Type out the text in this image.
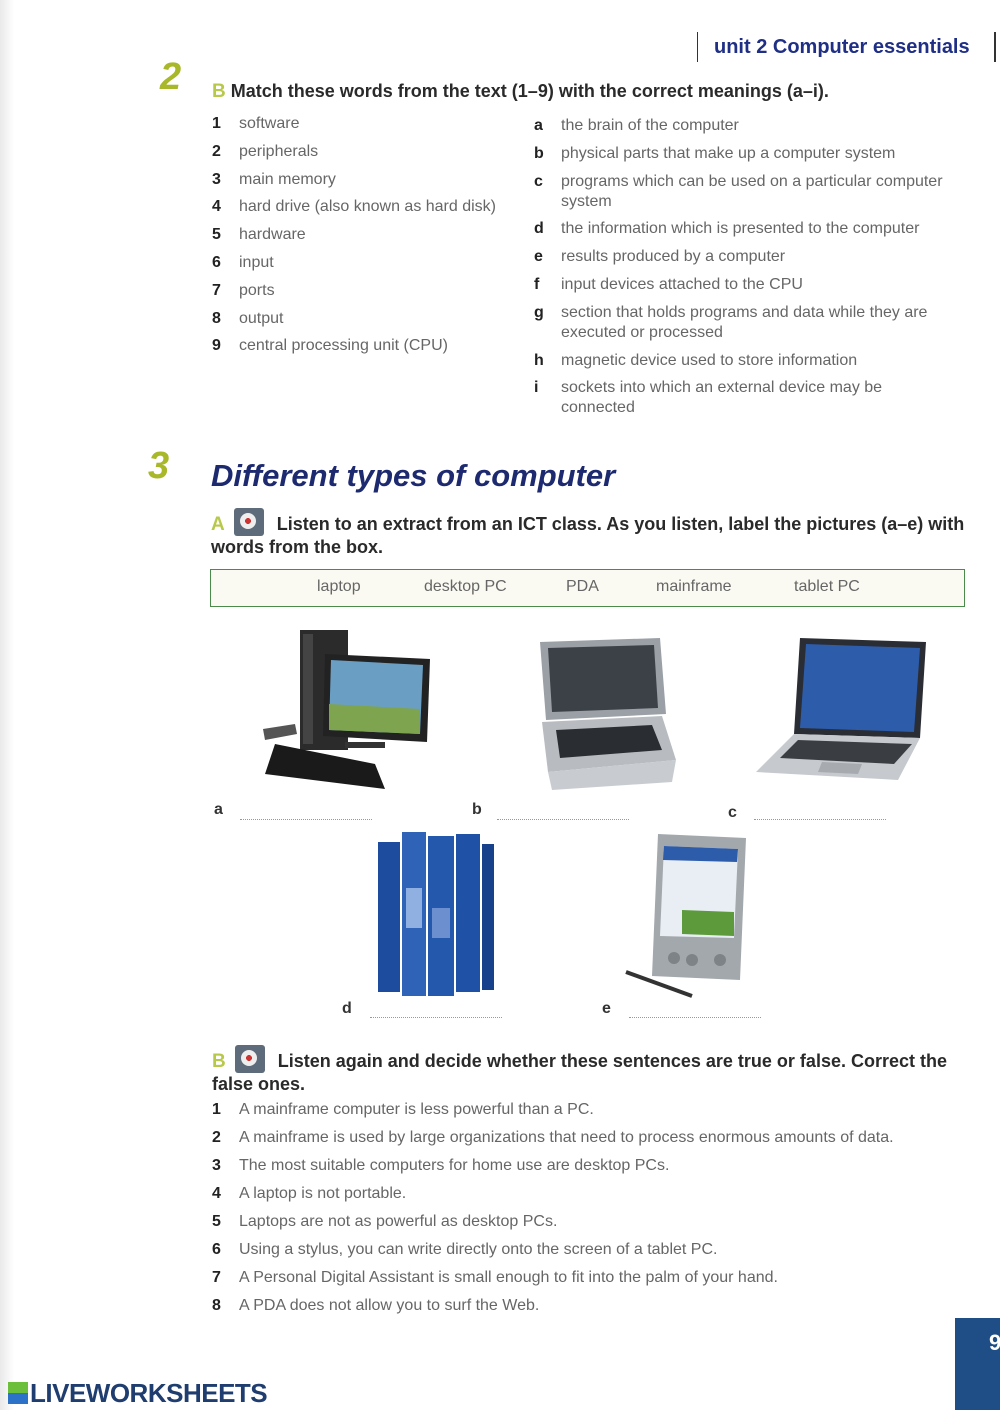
unit 2 Computer essentials
2 B Match these words from the text (1–9) with the correct meanings (a–i).
1 software
2 peripherals
3 main memory
4 hard drive (also known as hard disk)
5 hardware
6 input
7 ports
8 output
9 central processing unit (CPU)
a the brain of the computer
b physical parts that make up a computer system
c programs which can be used on a particular computer system
d the information which is presented to the computer
e results produced by a computer
f input devices attached to the CPU
g section that holds programs and data while they are executed or processed
h magnetic device used to store information
i sockets into which an external device may be connected
3 Different types of computer
A	Listen to an extract from an ICT class. As you listen, label the pictures (a–e) with words from the box.
laptop	desktop PC	PDA	mainframe	tablet PC
a	b	c
d	e
B	Listen again and decide whether these sentences are true or false. Correct the false ones.
1 A mainframe computer is less powerful than a PC.
2 A mainframe is used by large organizations that need to process enormous amounts of data.
3 The most suitable computers for home use are desktop PCs.
4 A laptop is not portable.
5 Laptops are not as powerful as desktop PCs.
6 Using a stylus, you can write directly onto the screen of a tablet PC.
7 A Personal Digital Assistant is small enough to fit into the palm of your hand.
8 A PDA does not allow you to surf the Web.
LIVEWORKSHEETS
9
